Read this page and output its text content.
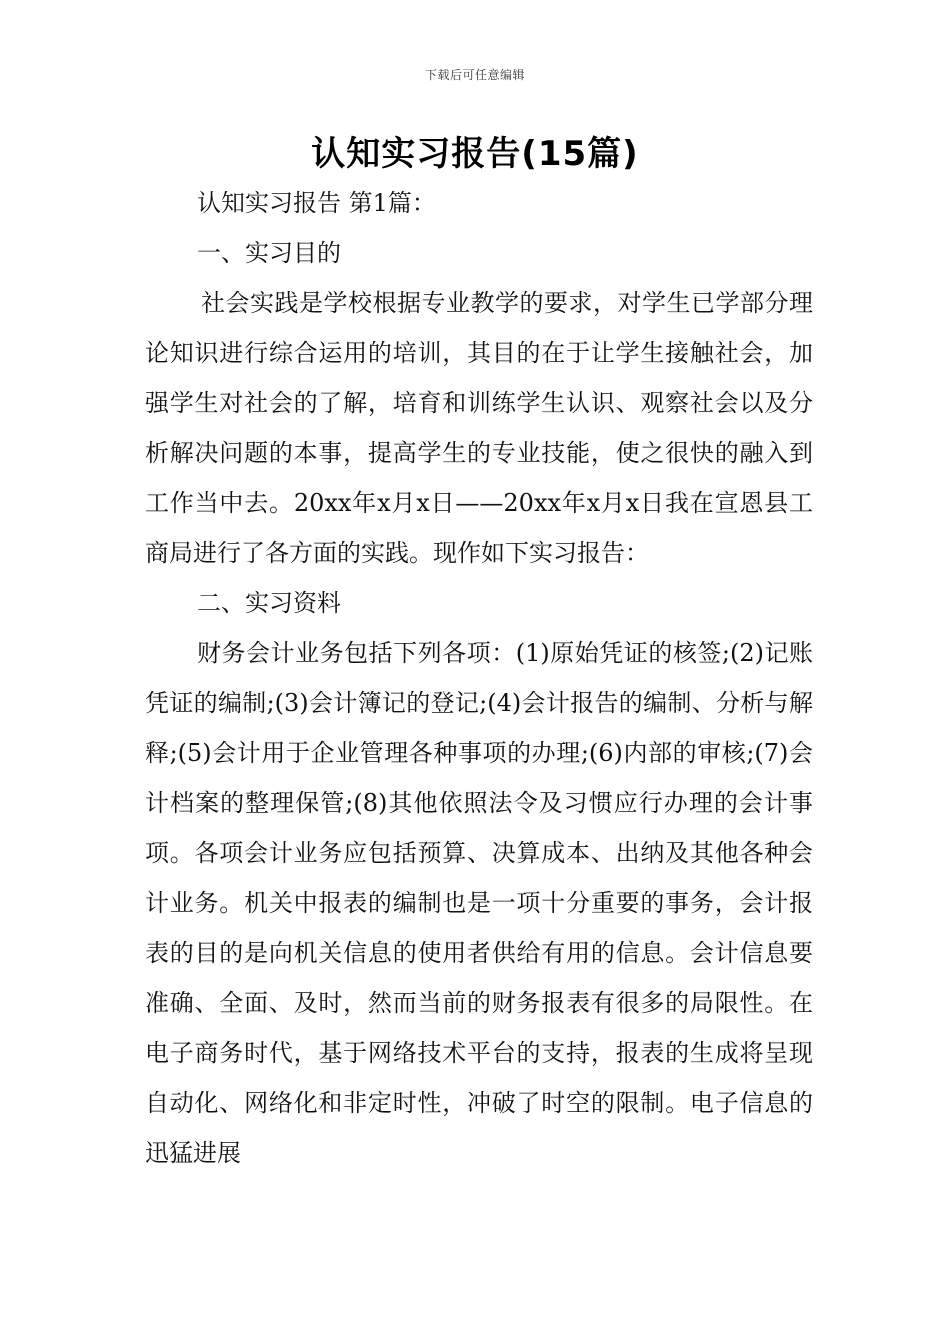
下载后可任意编辑
认知实习报告(15篇)

认知实习报告 第1篇：

一、实习目的

社会实践是学校根据专业教学的要求，对学生已学部分理论知识进行综合运用的培训，其目的在于让学生接触社会，加强学生对社会的了解，培育和训练学生认识、观察社会以及分析解决问题的本事，提高学生的专业技能，使之很快的融入到工作当中去。20xx年x月x日——20xx年x月x日我在宣恩县工商局进行了各方面的实践。现作如下实习报告：

二、实习资料

财务会计业务包括下列各项：(1)原始凭证的核签;(2)记账凭证的编制;(3)会计簿记的登记;(4)会计报告的编制、分析与解释;(5)会计用于企业管理各种事项的办理;(6)内部的审核;(7)会计档案的整理保管;(8)其他依照法令及习惯应行办理的会计事项。各项会计业务应包括预算、决算成本、出纳及其他各种会计业务。机关中报表的编制也是一项十分重要的事务，会计报表的目的是向机关信息的使用者供给有用的信息。会计信息要准确、全面、及时，然而当前的财务报表有很多的局限性。在电子商务时代，基于网络技术平台的支持，报表的生成将呈现自动化、网络化和非定时性，冲破了时空的限制。电子信息的迅猛进展
